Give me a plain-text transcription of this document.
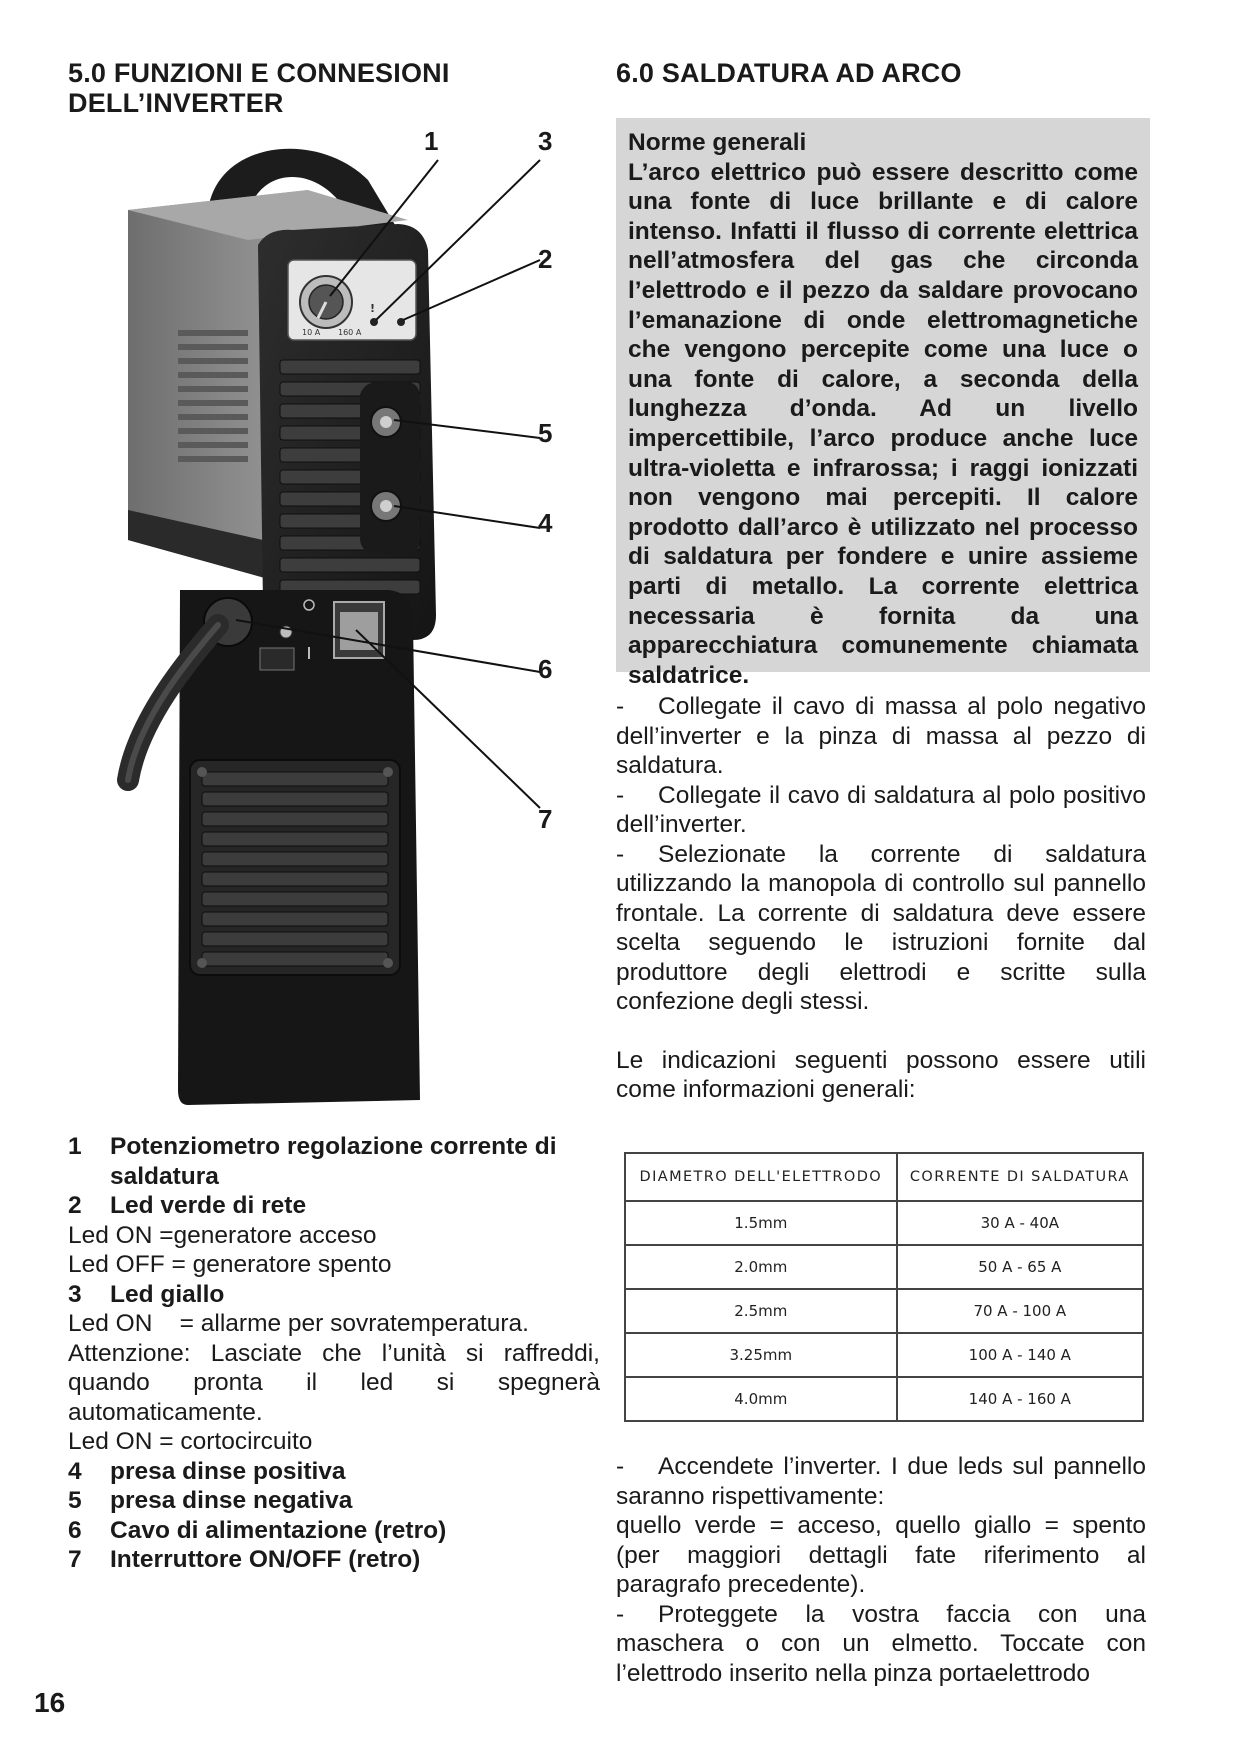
5.0 FUNZIONI E CONNESIONI
DELL’INVERTER
10 A 160 A
!
1	3
2
5
4
6
7
1	Potenziometro regolazione corrente di saldatura
2	Led verde di rete
Led ON =generatore acceso
Led OFF = generatore spento
3	Led giallo
Led ON    = allarme per sovratemperatura.
Attenzione: Lasciate che l’unità si raffreddi, quando pronta il led si spegnerà automaticamente.
Led ON = cortocircuito
4	presa dinse positiva
5	presa dinse negativa
6	Cavo di alimentazione (retro)
7	Interruttore ON/OFF (retro)
6.0 SALDATURA AD ARCO

Norme generali

L’arco elettrico può essere descritto come una fonte di luce brillante e di calore intenso. Infatti il flusso di corrente elettrica nell’atmosfera del gas che circonda l’elettrodo e il pezzo da saldare provocano l’emanazione di onde elettromagnetiche che vengono percepite come una luce o una fonte di calore, a seconda della lunghezza d’onda. Ad un livello impercettibile, l’arco produce anche luce ultra-violetta e infrarossa; i raggi ionizzati non vengono mai percepiti. Il calore prodotto dall’arco è utilizzato nel processo di saldatura per fondere e unire assieme parti di metallo. La corrente elettrica necessaria è fornita da una apparecchiatura comunemente chiamata saldatrice.

- Collegate il cavo di massa al polo negativo dell’inverter e la pinza di massa al pezzo di saldatura.

- Collegate il cavo di saldatura al polo positivo dell’inverter.

- Selezionate la corrente di saldatura utilizzando la manopola di controllo sul pannello frontale. La corrente di saldatura deve essere scelta seguendo le istruzioni fornite dal produttore degli elettrodi e scritte sulla confezione degli stessi.

Le indicazioni seguenti possono essere utili come informazioni generali:

DIAMETRO DELL'ELETTRODO	CORRENTE DI SALDATURA
1.5mm	30 A - 40A
2.0mm	50 A - 65 A
2.5mm	70 A - 100 A
3.25mm	100 A - 140 A
4.0mm	140 A - 160 A

- Accendete l’inverter. I due leds sul pannello saranno rispettivamente:

quello verde = acceso, quello giallo = spento (per maggiori dettagli fate riferimento al paragrafo precedente).

- Proteggete la vostra faccia con una maschera o con un elmetto. Toccate con l’elettrodo inserito nella pinza portaelettrodo

16
